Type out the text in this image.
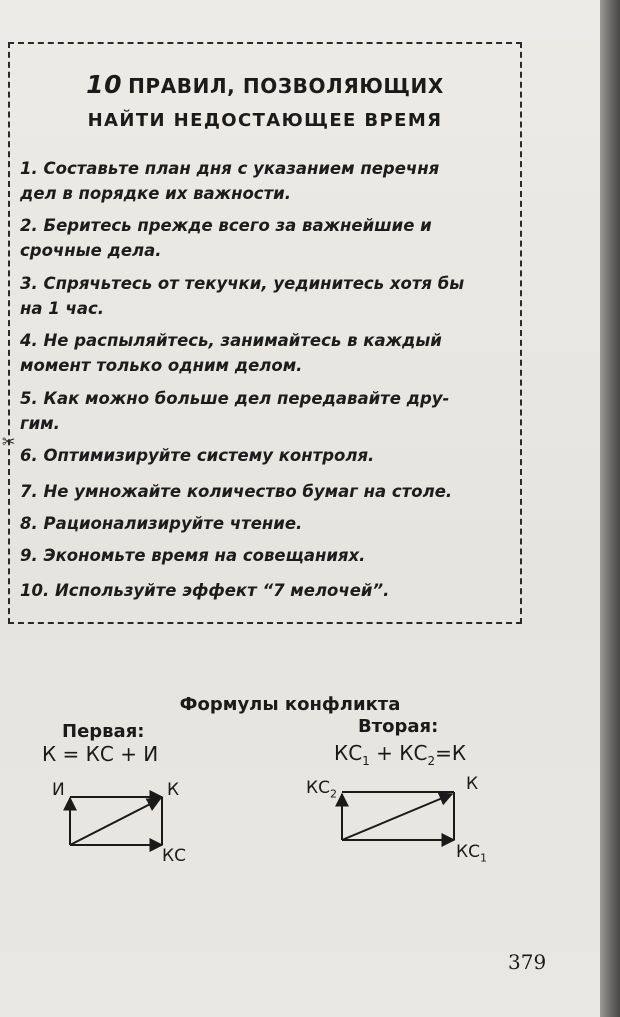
✂
10 ПРАВИЛ, ПОЗВОЛЯЮЩИХ
НАЙТИ НЕДОСТАЮЩЕЕ ВРЕМЯ
1. Составьте план дня с указанием перечня
дел в порядке их важности.
2. Беритесь прежде всего за важнейшие и
срочные дела.
3. Спрячьтесь от текучки, уединитесь хотя бы
на 1 час.
4. Не распыляйтесь, занимайтесь в каждый
момент только одним делом.
5. Как можно больше дел передавайте дру-
гим.
6. Оптимизируйте систему контроля.
7. Не умножайте количество бумаг на столе.
8. Рационализируйте чтение.
9. Экономьте время на совещаниях.
10. Используйте эффект “7 мелочей”.
Формулы конфликта
Первая:
К = КС + И
Вторая:
$КС_1 + КС_2=К$
И	К
КС
$КС_2$	К
$КС_1$
379
